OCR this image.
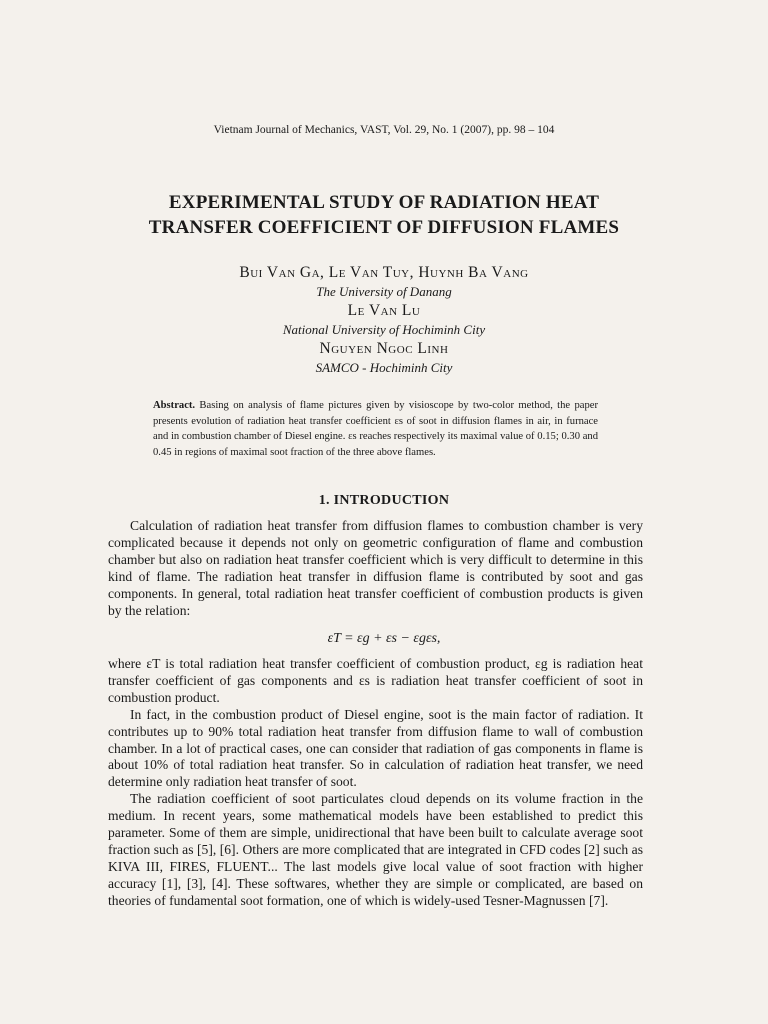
Vietnam Journal of Mechanics, VAST, Vol. 29, No. 1 (2007), pp. 98 – 104
EXPERIMENTAL STUDY OF RADIATION HEAT
TRANSFER COEFFICIENT OF DIFFUSION FLAMES
Bui Van Ga, Le Van Tuy, Huynh Ba Vang
The University of Danang
Le Van Lu
National University of Hochiminh City
Nguyen Ngoc Linh
SAMCO - Hochiminh City
Abstract. Basing on analysis of flame pictures given by visioscope by two-color method, the paper presents evolution of radiation heat transfer coefficient εs of soot in diffusion flames in air, in furnace and in combustion chamber of Diesel engine. εs reaches respectively its maximal value of 0.15; 0.30 and 0.45 in regions of maximal soot fraction of the three above flames.
1. INTRODUCTION

Calculation of radiation heat transfer from diffusion flames to combustion chamber is very complicated because it depends not only on geometric configuration of flame and combustion chamber but also on radiation heat transfer coefficient which is very difficult to determine in this kind of flame. The radiation heat transfer in diffusion flame is contributed by soot and gas components. In general, total radiation heat transfer coefficient of combustion products is given by the relation:

εT = εg + εs − εgεs,

where εT is total radiation heat transfer coefficient of combustion product, εg is radiation heat transfer coefficient of gas components and εs is radiation heat transfer coefficient of soot in combustion product.

In fact, in the combustion product of Diesel engine, soot is the main factor of radiation. It contributes up to 90% total radiation heat transfer from diffusion flame to wall of combustion chamber. In a lot of practical cases, one can consider that radiation of gas components in flame is about 10% of total radiation heat transfer. So in calculation of radiation heat transfer, we need determine only radiation heat transfer of soot.

The radiation coefficient of soot particulates cloud depends on its volume fraction in the medium. In recent years, some mathematical models have been established to predict this parameter. Some of them are simple, unidirectional that have been built to calculate average soot fraction such as [5], [6]. Others are more complicated that are integrated in CFD codes [2] such as KIVA III, FIRES, FLUENT... The last models give local value of soot fraction with higher accuracy [1], [3], [4]. These softwares, whether they are simple or complicated, are based on theories of fundamental soot formation, one of which is widely-used Tesner-Magnussen [7].
